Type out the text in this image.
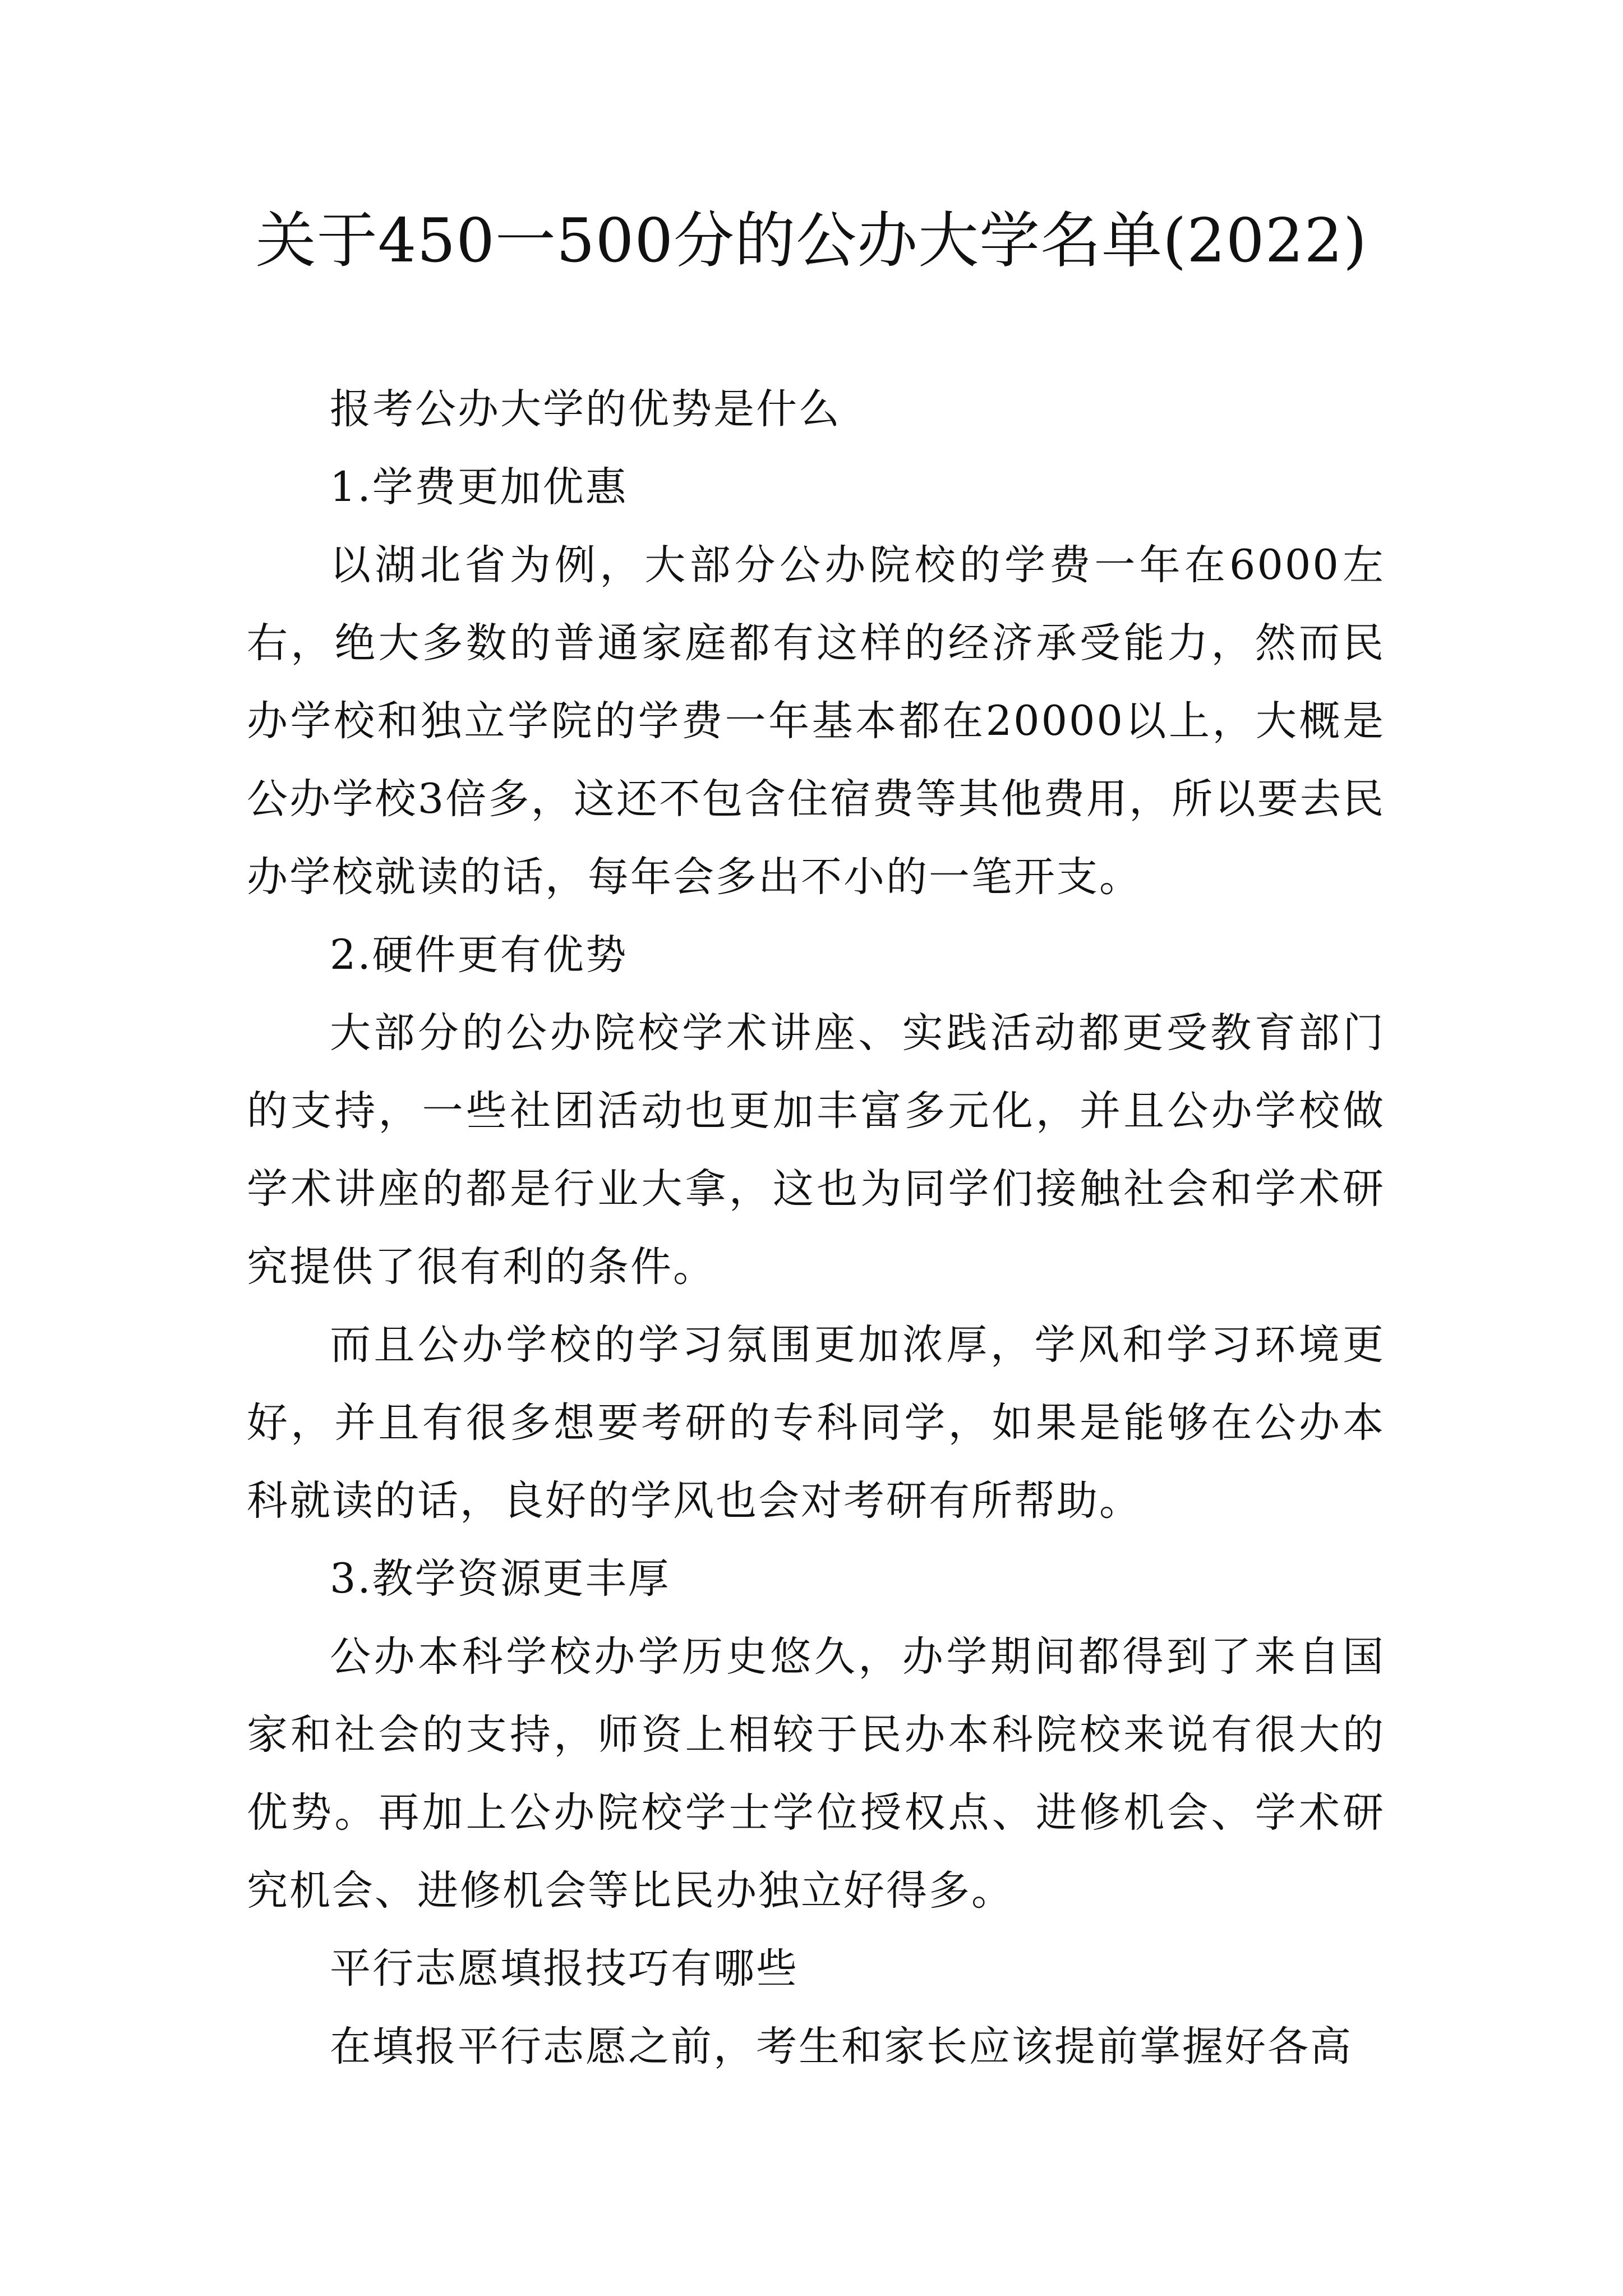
关于450一500分的公办大学名单(2022)

报考公办大学的优势是什么

1.学费更加优惠

以湖北省为例，大部分公办院校的学费一年在6000左右，绝大多数的普通家庭都有这样的经济承受能力，然而民办学校和独立学院的学费一年基本都在20000以上，大概是公办学校3倍多，这还不包含住宿费等其他费用，所以要去民办学校就读的话，每年会多出不小的一笔开支。

2.硬件更有优势

大部分的公办院校学术讲座、实践活动都更受教育部门的支持，一些社团活动也更加丰富多元化，并且公办学校做学术讲座的都是行业大拿，这也为同学们接触社会和学术研究提供了很有利的条件。

而且公办学校的学习氛围更加浓厚，学风和学习环境更好，并且有很多想要考研的专科同学，如果是能够在公办本科就读的话，良好的学风也会对考研有所帮助。

3.教学资源更丰厚

公办本科学校办学历史悠久，办学期间都得到了来自国家和社会的支持，师资上相较于民办本科院校来说有很大的优势。再加上公办院校学士学位授权点、进修机会、学术研究机会、进修机会等比民办独立好得多。

平行志愿填报技巧有哪些

在填报平行志愿之前，考生和家长应该提前掌握好各高
